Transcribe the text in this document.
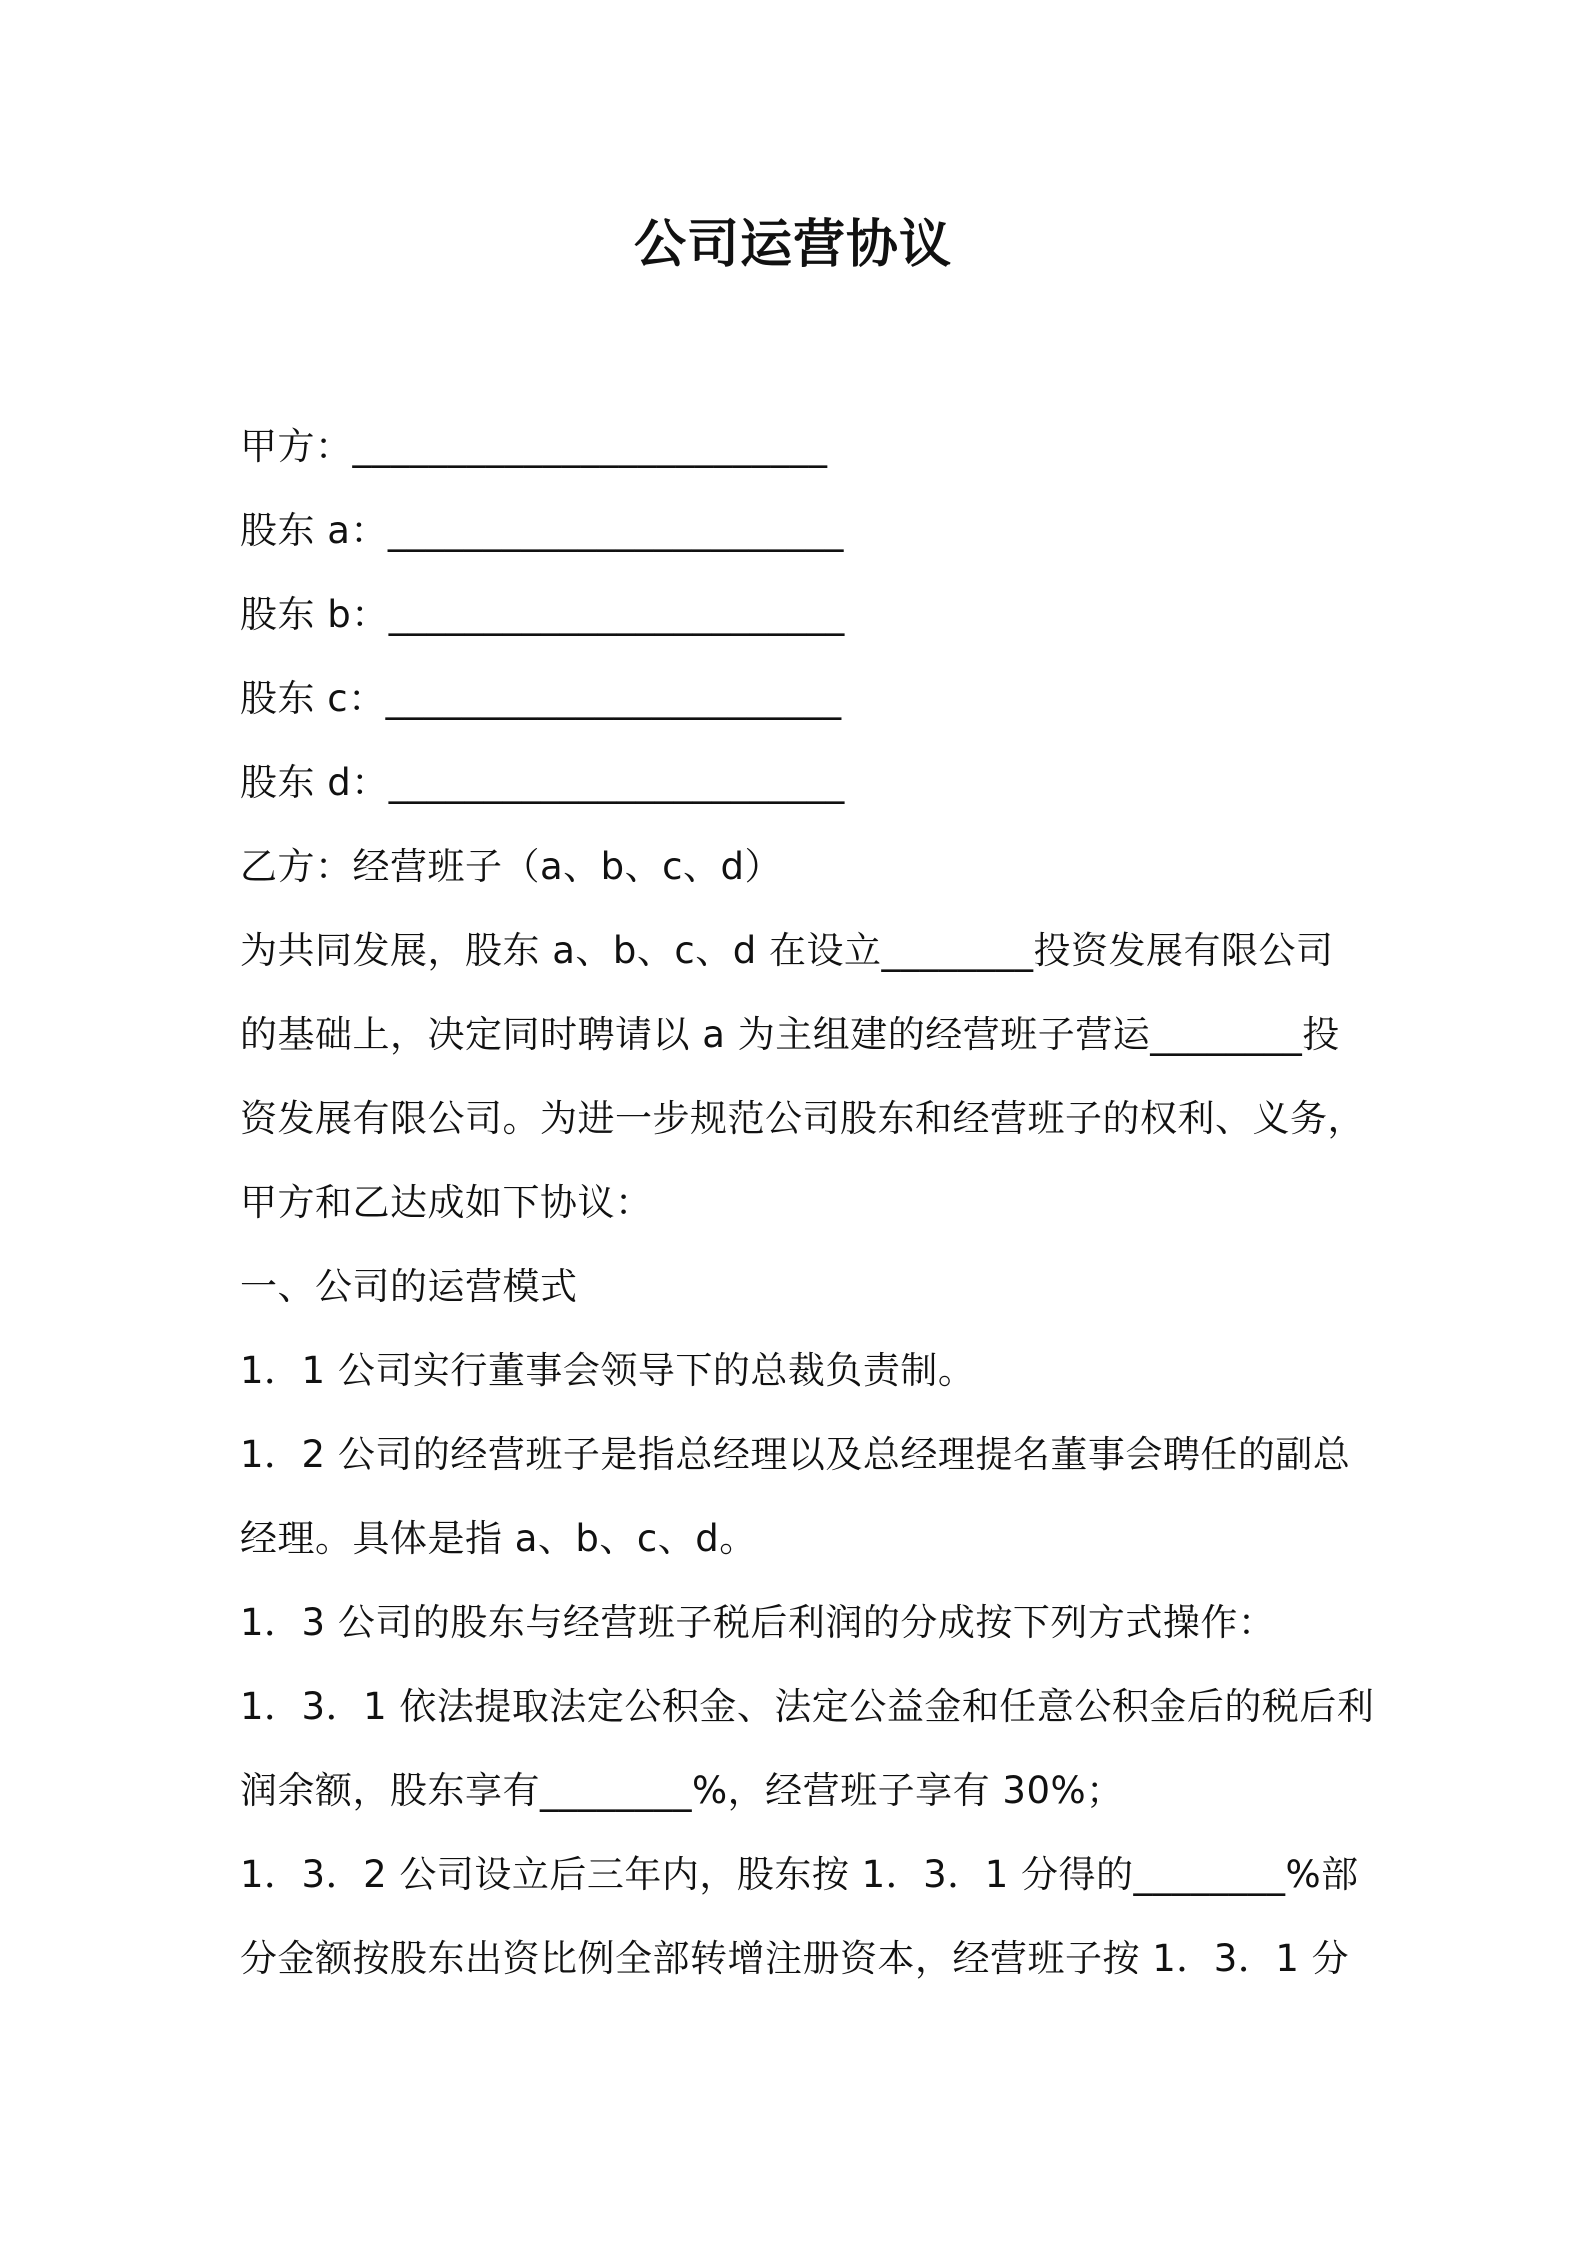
公司运营协议
甲方：_________________________
股东 a：________________________
股东 b：________________________
股东 c：________________________
股东 d：________________________
乙方：经营班子（a、b、c、d）
为共同发展，股东 a、b、c、d 在设立________投资发展有限公司
的基础上，决定同时聘请以 a 为主组建的经营班子营运________投
资发展有限公司。为进一步规范公司股东和经营班子的权利、义务，
甲方和乙达成如下协议：
一、公司的运营模式
1．1 公司实行董事会领导下的总裁负责制。
1．2 公司的经营班子是指总经理以及总经理提名董事会聘任的副总
经理。具体是指 a、b、c、d。
1．3 公司的股东与经营班子税后利润的分成按下列方式操作：
1．3．1 依法提取法定公积金、法定公益金和任意公积金后的税后利
润余额，股东享有________%，经营班子享有 30%；
1．3．2 公司设立后三年内，股东按 1．3．1 分得的________%部
分金额按股东出资比例全部转增注册资本，经营班子按 1．3．1 分
